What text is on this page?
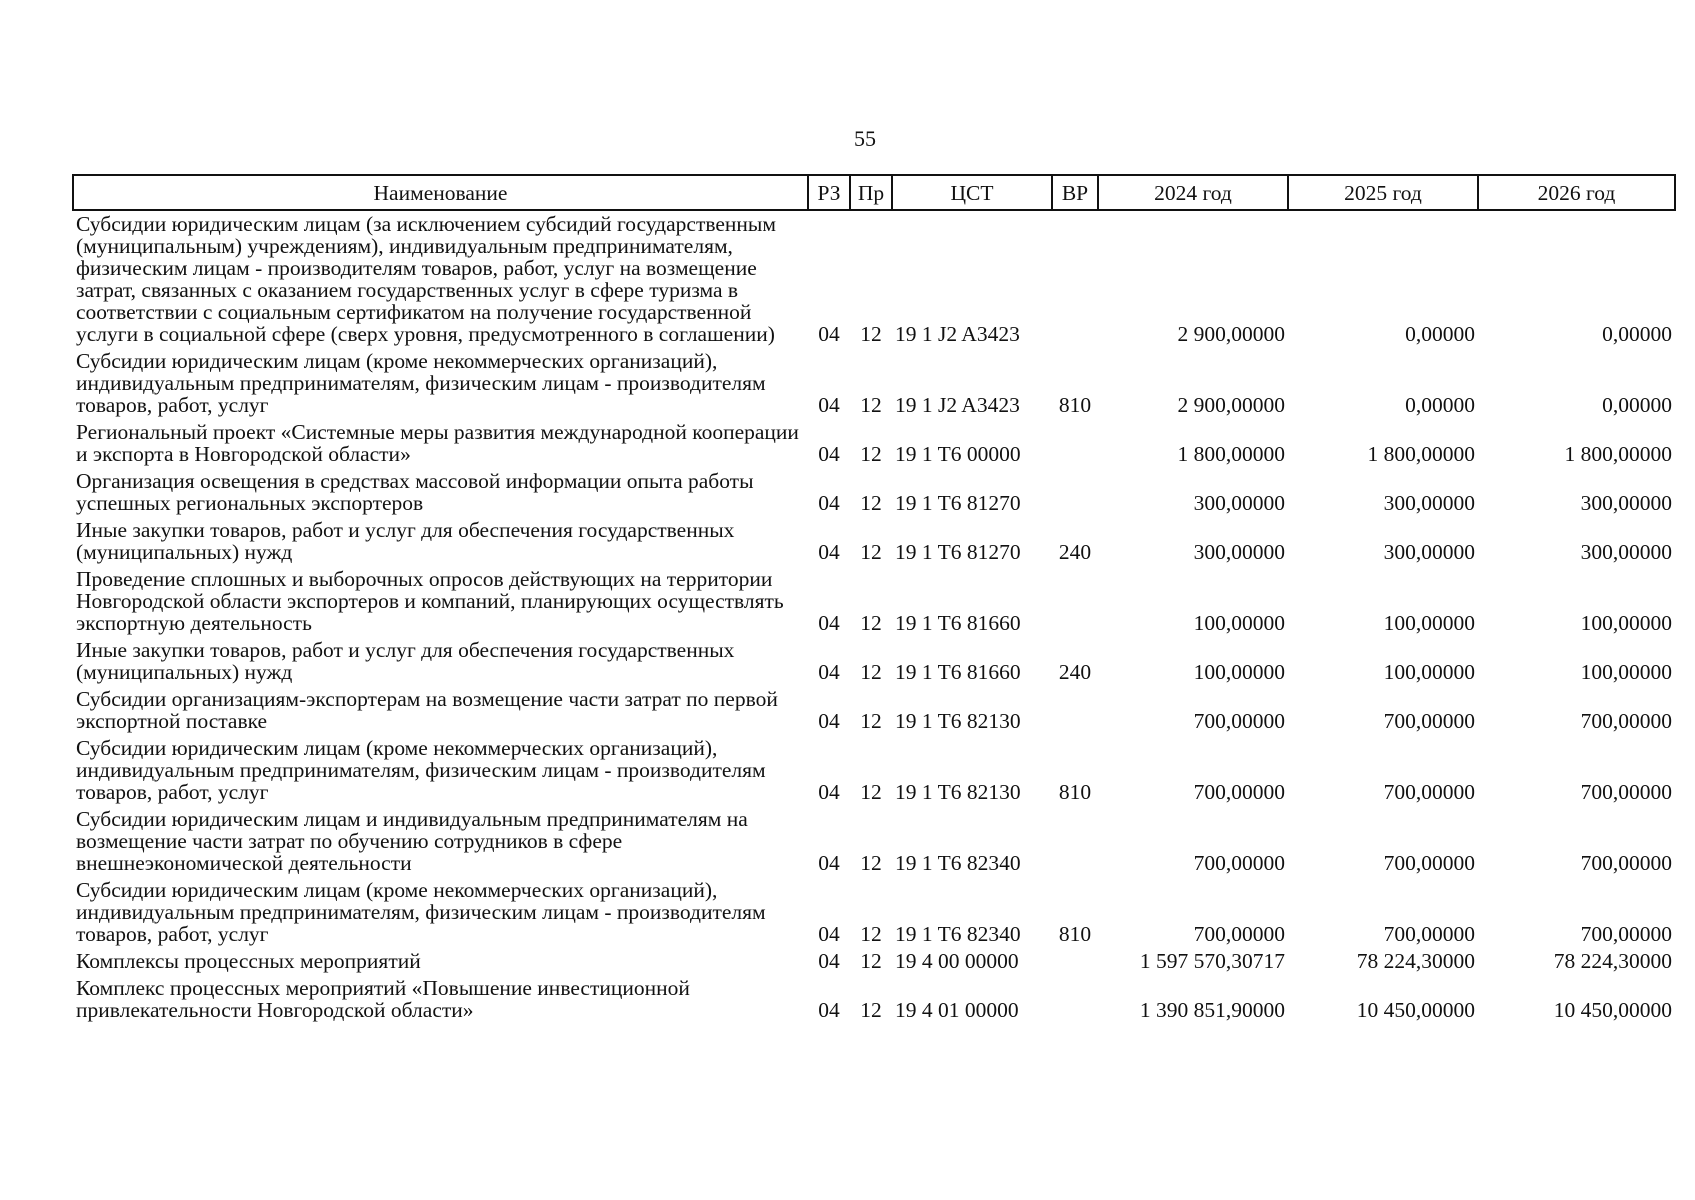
55
Наименование	РЗ	Пр	ЦСТ	ВР	2024 год	2025 год	2026 год
Субсидии юридическим лицам (за исключением субсидий государственным (муниципальным) учреждениям), индивидуальным предпринимателям, физическим лицам - производителям товаров, работ, услуг на возмещение затрат, связанных с оказанием государственных услуг в сфере туризма в соответствии с социальным сертификатом на получение государственной услуги в социальной сфере (сверх уровня, предусмотренного в соглашении)	04	12	19 1 J2 A3423		2 900,00000	0,00000	0,00000
Субсидии юридическим лицам (кроме некоммерческих организаций), индивидуальным предпринимателям, физическим лицам - производителям товаров, работ, услуг	04	12	19 1 J2 A3423	810	2 900,00000	0,00000	0,00000
Региональный проект «Системные меры развития международной кооперации и экспорта в Новгородской области»	04	12	19 1 T6 00000		1 800,00000	1 800,00000	1 800,00000
Организация освещения в средствах массовой информации опыта работы успешных региональных экспортеров	04	12	19 1 T6 81270		300,00000	300,00000	300,00000
Иные закупки товаров, работ и услуг для обеспечения государственных (муниципальных) нужд	04	12	19 1 T6 81270	240	300,00000	300,00000	300,00000
Проведение сплошных и выборочных опросов действующих на территории Новгородской области экспортеров и компаний, планирующих осуществлять экспортную деятельность	04	12	19 1 T6 81660		100,00000	100,00000	100,00000
Иные закупки товаров, работ и услуг для обеспечения государственных (муниципальных) нужд	04	12	19 1 T6 81660	240	100,00000	100,00000	100,00000
Субсидии организациям-экспортерам на возмещение части затрат по первой экспортной поставке	04	12	19 1 T6 82130		700,00000	700,00000	700,00000
Субсидии юридическим лицам (кроме некоммерческих организаций), индивидуальным предпринимателям, физическим лицам - производителям товаров, работ, услуг	04	12	19 1 T6 82130	810	700,00000	700,00000	700,00000
Субсидии юридическим лицам и индивидуальным предпринимателям на возмещение части затрат по обучению сотрудников в сфере внешнеэкономической деятельности	04	12	19 1 T6 82340		700,00000	700,00000	700,00000
Субсидии юридическим лицам (кроме некоммерческих организаций), индивидуальным предпринимателям, физическим лицам - производителям товаров, работ, услуг	04	12	19 1 T6 82340	810	700,00000	700,00000	700,00000
Комплексы процессных мероприятий	04	12	19 4 00 00000		1 597 570,30717	78 224,30000	78 224,30000
Комплекс процессных мероприятий «Повышение инвестиционной привлекательности Новгородской области»	04	12	19 4 01 00000		1 390 851,90000	10 450,00000	10 450,00000
